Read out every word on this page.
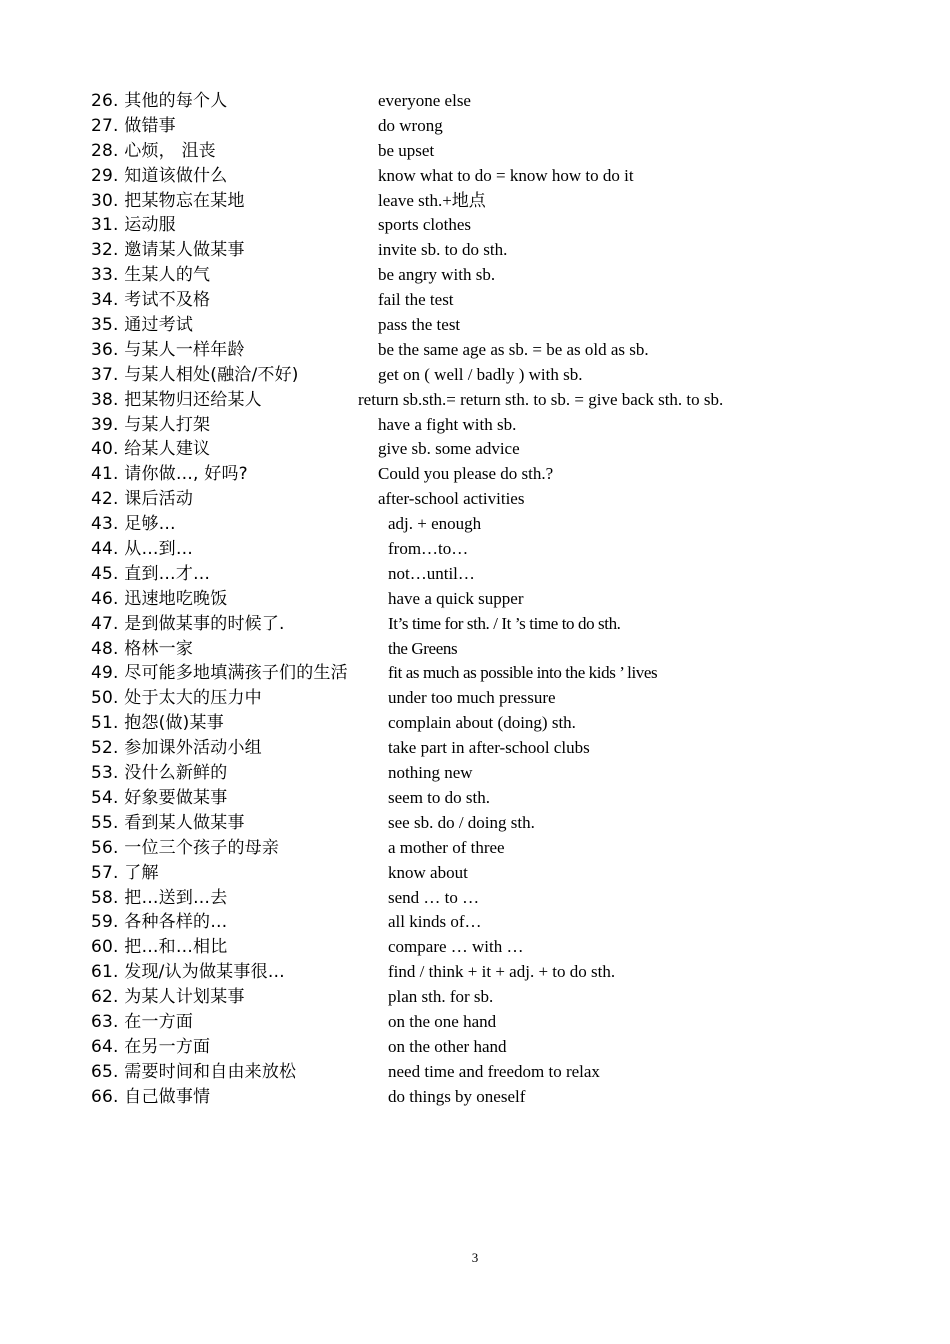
26. 其他的每个人	everyone else
27. 做错事	do wrong
28. 心烦， 沮丧	be upset
29. 知道该做什么	know what to do = know how to do it
30. 把某物忘在某地	leave sth.+地点
31. 运动服	sports clothes
32. 邀请某人做某事	invite sb. to do sth.
33. 生某人的气	be angry with sb.
34. 考试不及格	fail the test
35. 通过考试	pass the test
36. 与某人一样年龄	be the same age as sb. = be as old as sb.
37. 与某人相处(融洽/不好)	get on ( well / badly ) with sb.
38. 把某物归还给某人	return sb.sth.= return sth. to sb. = give back sth. to sb.
39. 与某人打架	have a fight with sb.
40. 给某人建议	give sb. some advice
41. 请你做…, 好吗?	Could you please do sth.?
42. 课后活动	after-school activities
43. 足够…	adj. + enough
44. 从…到…	from…to…
45. 直到…才…	not…until…
46. 迅速地吃晚饭	have a quick supper
47. 是到做某事的时候了.	It’s time for sth. / It ’s time to do sth.
48. 格林一家	the Greens
49. 尽可能多地填满孩子们的生活 fit as much as possible into the kids ’ lives
50. 处于太大的压力中	under too much pressure
51. 抱怨(做)某事	complain about (doing) sth.
52. 参加课外活动小组	take part in after-school clubs
53. 没什么新鲜的	nothing new
54. 好象要做某事	seem to do sth.
55. 看到某人做某事	see sb. do / doing sth.
56. 一位三个孩子的母亲	a mother of three
57. 了解	know about
58. 把…送到…去	send … to …
59. 各种各样的…	all kinds of…
60. 把…和…相比	compare … with …
61. 发现/认为做某事很…	find / think + it + adj. + to do sth.
62. 为某人计划某事	plan sth. for sb.
63. 在一方面	on the one hand
64. 在另一方面	on the other hand
65. 需要时间和自由来放松	need time and freedom to relax
66. 自己做事情	do things by oneself
3
